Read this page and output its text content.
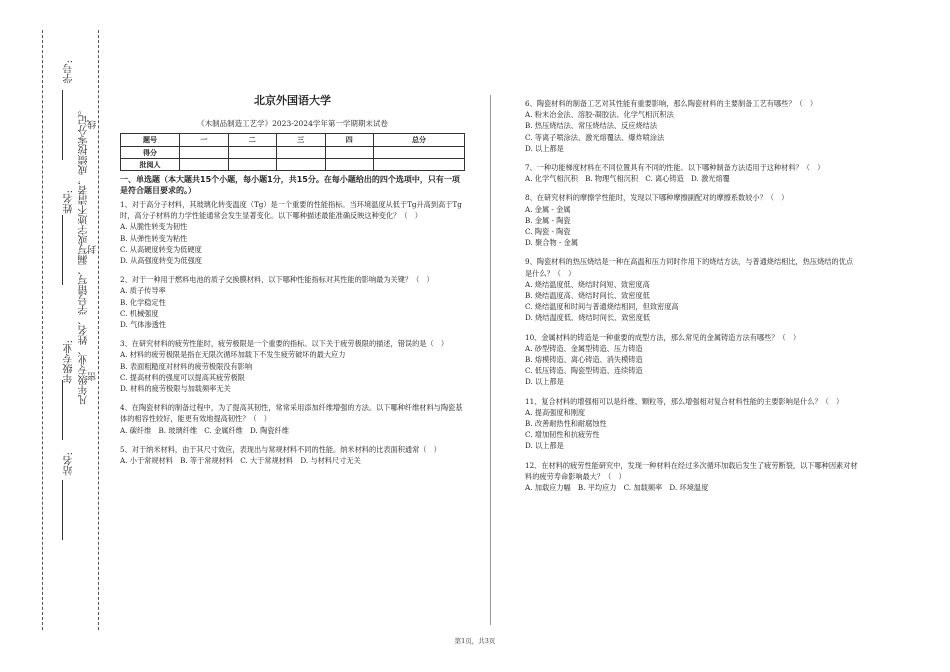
学号:
姓名:
年级专业:
站名:
凡年级专业、姓名、学号错写、漏写或字迹不清者，成绩按零分记。
线
封
密
北京外国语大学
《木制品制造工艺学》2023-2024学年第一学期期末试卷
题号	一	二	三	四	总分
得分					
批阅人					
一、单选题（本大题共15个小题，每小题1分，共15分。在每小题给出的四个选项中，只有一项是符合题目要求的。）

1、对于高分子材料，其玻璃化转变温度（Tg）是一个重要的性能指标。当环境温度从低于Tg升高到高于Tg时，高分子材料的力学性能通常会发生显著变化。以下哪种描述最能准确反映这种变化？（　）

A. 从脆性转变为韧性

B. 从弹性转变为粘性

C. 从高硬度转变为低硬度

D. 从高强度转变为低强度

2、对于一种用于燃料电池的质子交换膜材料，以下哪种性能指标对其性能的影响最为关键？（　）

A. 质子传导率

B. 化学稳定性

C. 机械强度

D. 气体渗透性

3、在研究材料的疲劳性能时，疲劳极限是一个重要的指标。以下关于疲劳极限的描述，错误的是（　）

A. 材料的疲劳极限是指在无限次循环加载下不发生疲劳破坏的最大应力

B. 表面粗糙度对材料的疲劳极限没有影响

C. 提高材料的强度可以提高其疲劳极限

D. 材料的疲劳极限与加载频率无关

4、在陶瓷材料的制备过程中，为了提高其韧性，常常采用添加纤维增强的方法。以下哪种纤维材料与陶瓷基体的相容性较好，能更有效地提高韧性？（　）

A. 碳纤维　B. 玻璃纤维　C. 金属纤维　D. 陶瓷纤维

5、对于纳米材料，由于其尺寸效应，表现出与常规材料不同的性能。纳米材料的比表面积通常（　）

A. 小于常规材料　B. 等于常规材料　C. 大于常规材料　D. 与材料尺寸无关

6、陶瓷材料的制备工艺对其性能有重要影响，那么陶瓷材料的主要制备工艺有哪些？（　）

A. 粉末冶金法、溶胶-凝胶法、化学气相沉积法

B. 热压烧结法、常压烧结法、反应烧结法

C. 等离子喷涂法、激光熔覆法、爆炸喷涂法

D. 以上都是

7、一种功能梯度材料在不同位置具有不同的性能。以下哪种制备方法适用于这种材料？（　）

A. 化学气相沉积　B. 物理气相沉积　C. 离心铸造　D. 激光熔覆

8、在研究材料的摩擦学性能时，发现以下哪种摩擦副配对的摩擦系数较小？（　）

A. 金属 - 金属

B. 金属 - 陶瓷

C. 陶瓷 - 陶瓷

D. 聚合物 - 金属

9、陶瓷材料的热压烧结是一种在高温和压力同时作用下的烧结方法，与普通烧结相比，热压烧结的优点是什么？（　）

A. 烧结温度低、烧结时间短、致密度高

B. 烧结温度高、烧结时间长、致密度低

C. 烧结温度和时间与普通烧结相同，但致密度高

D. 烧结温度低、烧结时间长、致密度低

10、金属材料的铸造是一种重要的成型方法，那么常见的金属铸造方法有哪些？（　）

A. 砂型铸造、金属型铸造、压力铸造

B. 熔模铸造、离心铸造、消失模铸造

C. 低压铸造、陶瓷型铸造、连续铸造

D. 以上都是

11、复合材料的增强相可以是纤维、颗粒等，那么增强相对复合材料性能的主要影响是什么？（　）

A. 提高强度和刚度

B. 改善耐热性和耐腐蚀性

C. 增加韧性和抗疲劳性

D. 以上都是

12、在材料的疲劳性能研究中，发现一种材料在经过多次循环加载后发生了疲劳断裂，以下哪种因素对材料的疲劳寿命影响最大？（　）

A. 加载应力幅　B. 平均应力　C. 加载频率　D. 环境温度

第1页，共3页
